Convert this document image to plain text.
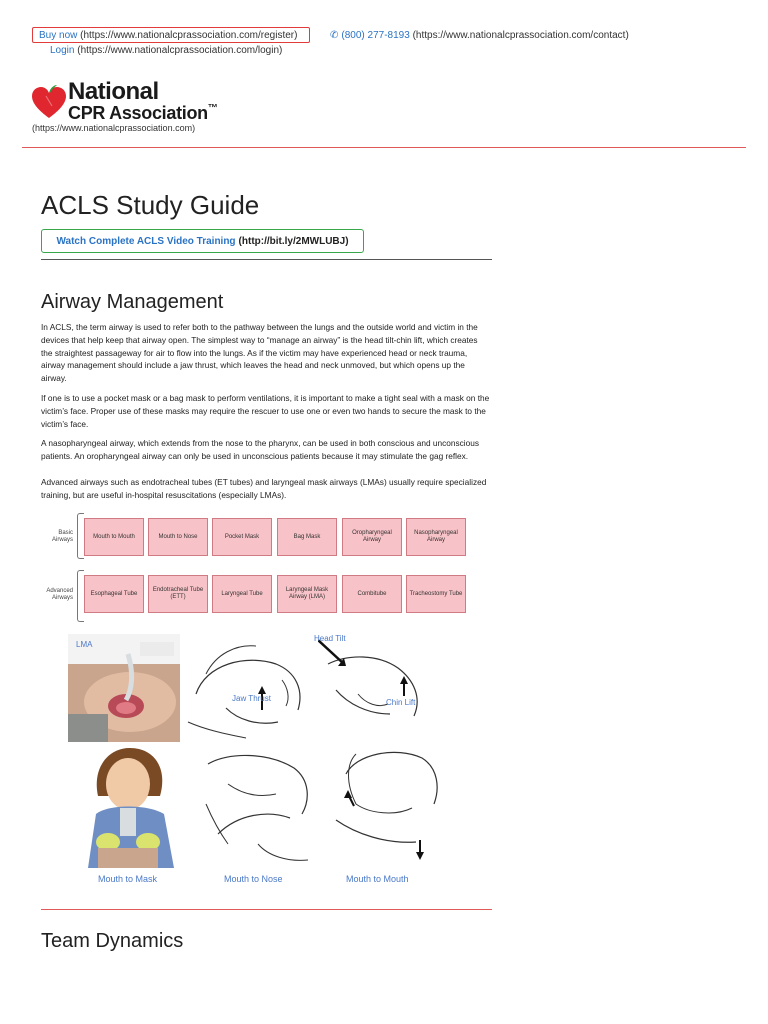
Buy now
(https://www.nationalcprassociation.com/register)	✆ (800) 277-8193 (https://www.nationalcprassociation.com/contact)
Login (https://www.nationalcprassociation.com/login)
National
CPR Association™
(https://www.nationalcprassociation.com)
ACLS Study Guide
Watch Complete ACLS Video Training (http://bit.ly/2MWLUBJ)
Airway Management

In ACLS, the term airway is used to refer both to the pathway between the lungs and the outside world and victim in the devices that help keep that airway open. The simplest way to “manage an airway” is the head tilt-chin lift, which creates the straightest passageway for air to flow into the lungs. As if the victim may have experienced head or neck trauma, airway management should include a jaw thrust, which leaves the head and neck unmoved, but which opens up the airway.

If one is to use a pocket mask or a bag mask to perform ventilations, it is important to make a tight seal with a mask on the victim’s face. Proper use of these masks may require the rescuer to use one or even two hands to secure the mask to the victim’s face.

A nasopharyngeal airway, which extends from the nose to the pharynx, can be used in both conscious and unconscious patients. An oropharyngeal airway can only be used in unconscious patients because it may stimulate the gag reflex.

Advanced airways such as endotracheal tubes (ET tubes) and laryngeal mask airways (LMAs) usually require specialized training, but are useful in-hospital resuscitations (especially LMAs).

Basic Airways
Advanced Airways
Mouth to Mouth	Mouth to Nose	Pocket Mask	Bag Mask
Oropharyngeal Airway
Nasopharyngeal Airway
Esophageal Tube
Endotracheal Tube (ETT)
Laryngeal Tube
Laryngeal Mask Airway (LMA)
Combitube	Tracheostomy Tube
LMA
Jaw Thrust
Head Tilt
Chin Lift
Mouth to Mask	Mouth to Nose	Mouth to Mouth
Team Dynamics
